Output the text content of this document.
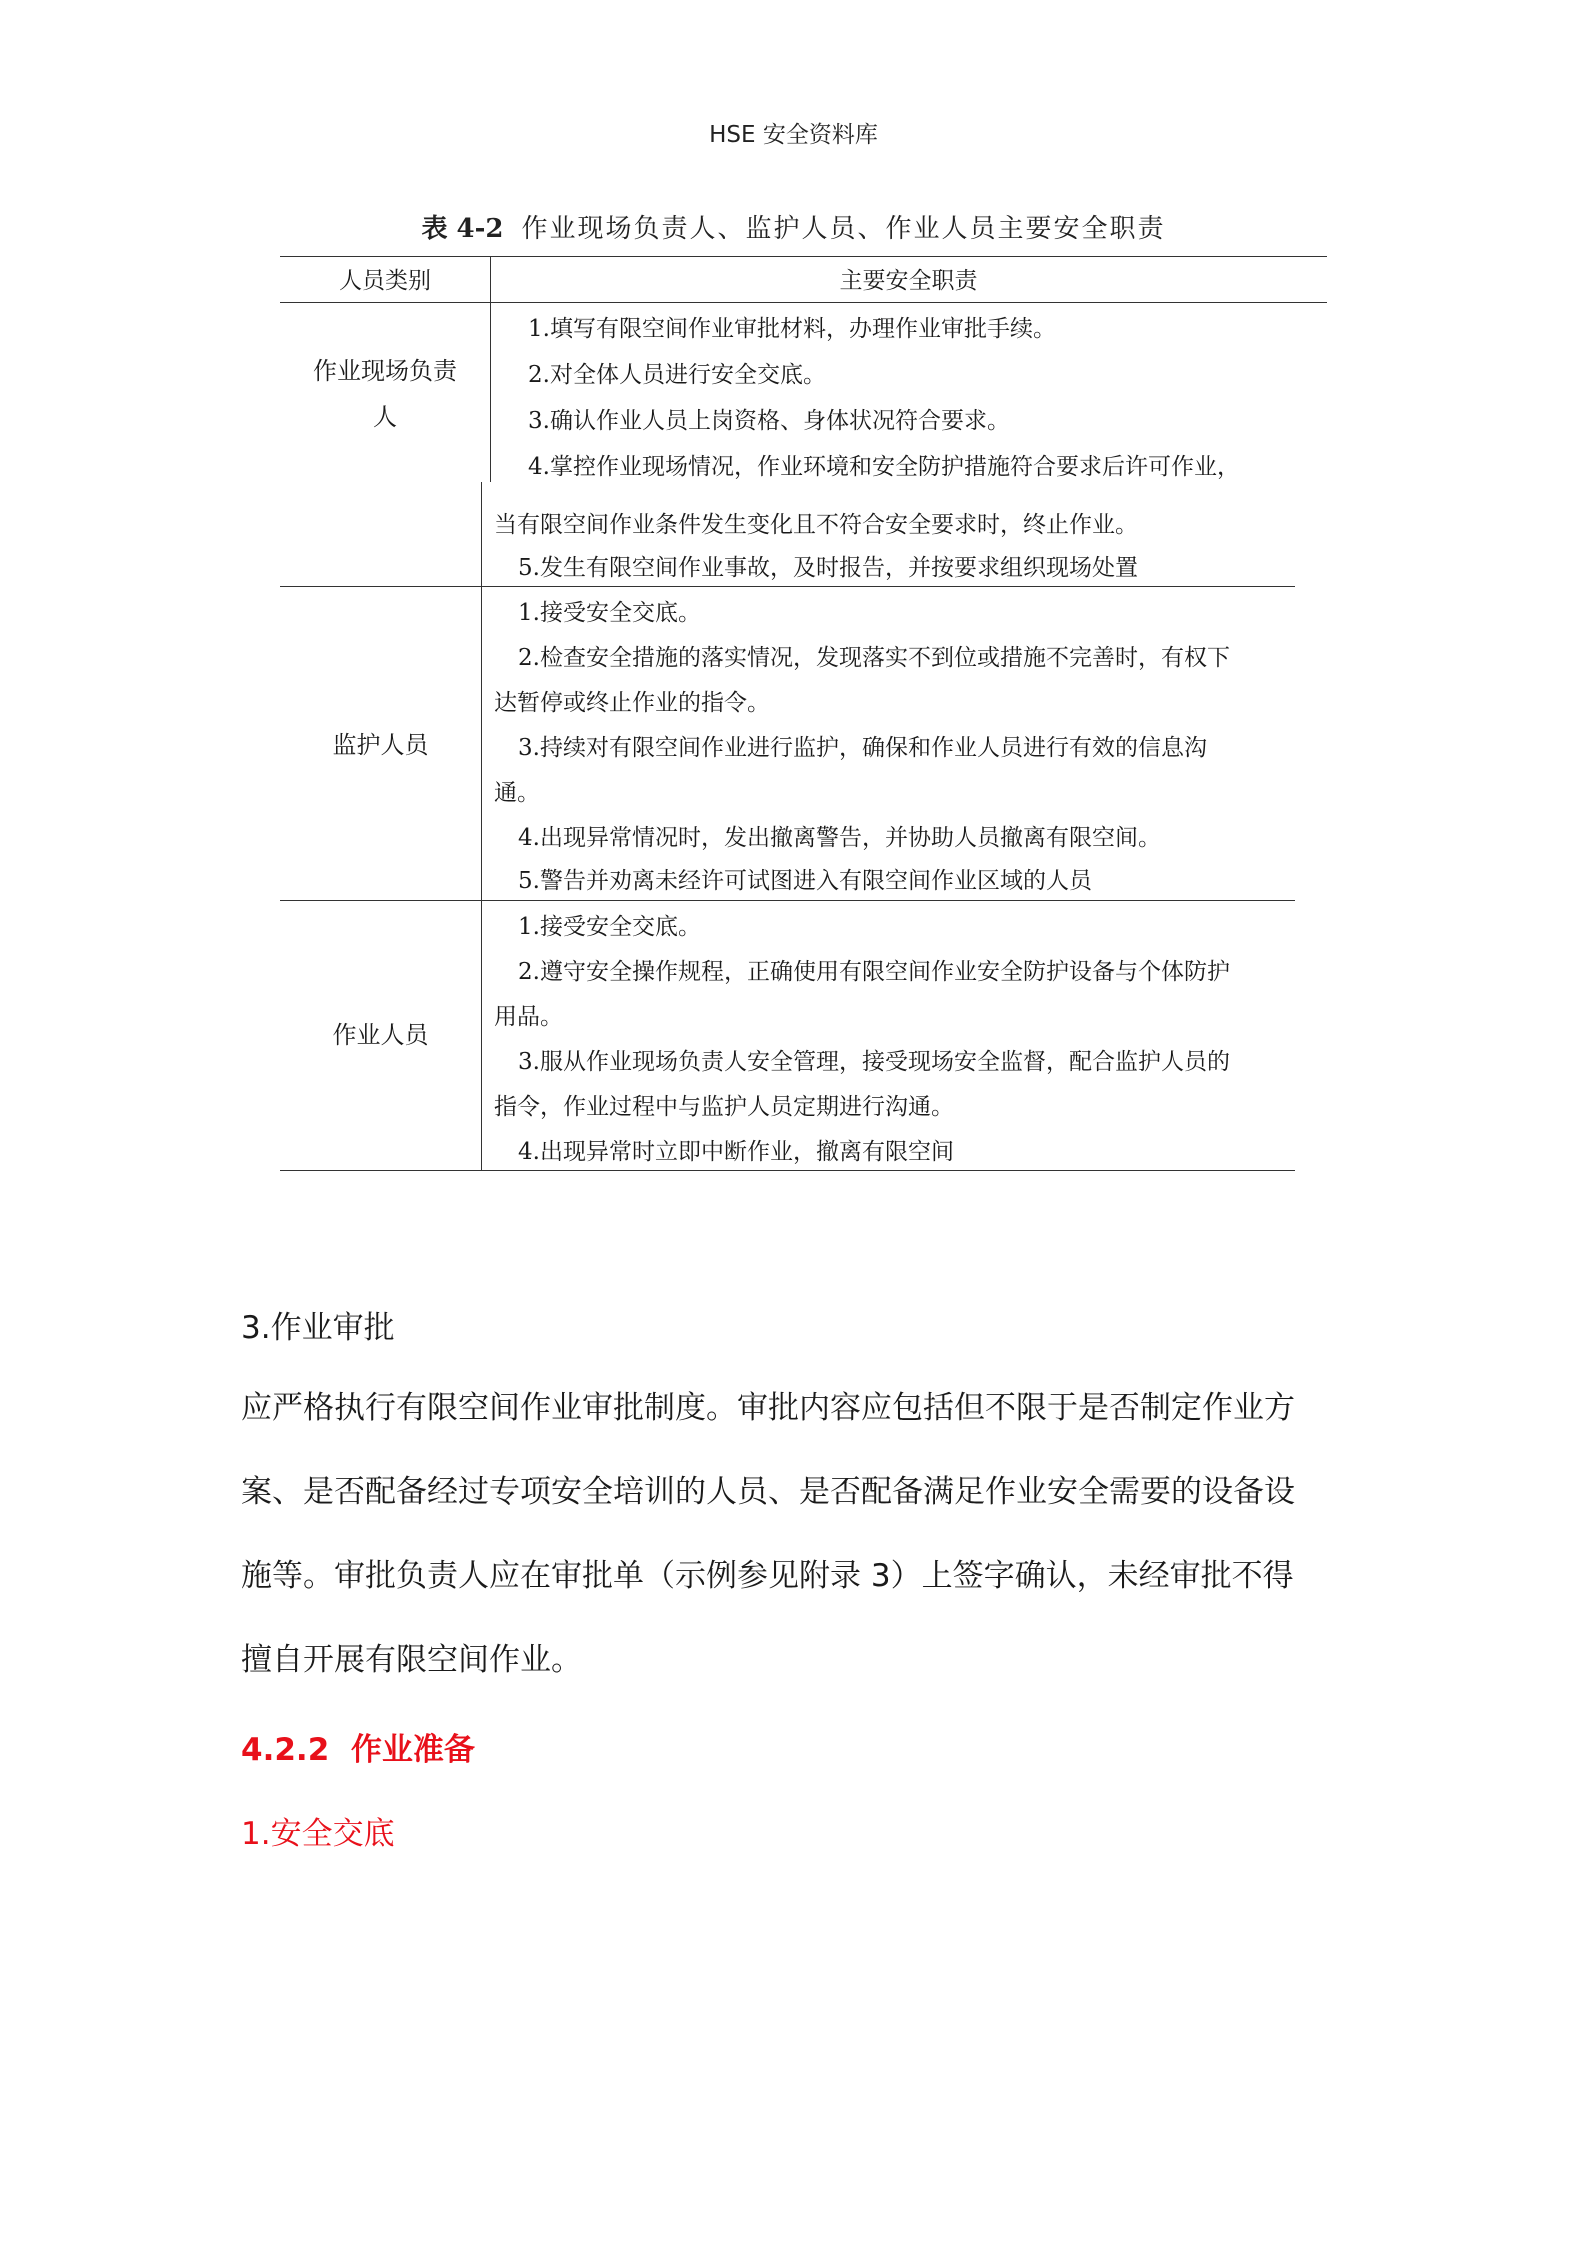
HSE 安全资料库
表 4-2 作业现场负责人、监护人员、作业人员主要安全职责
人员类别	主要安全职责
作业现场负责
人
1.填写有限空间作业审批材料，办理作业审批手续。
2.对全体人员进行安全交底。
3.确认作业人员上岗资格、身体状况符合要求。
4.掌控作业现场情况，作业环境和安全防护措施符合要求后许可作业，
当有限空间作业条件发生变化且不符合安全要求时，终止作业。
5.发生有限空间作业事故，及时报告，并按要求组织现场处置
监护人员
1.接受安全交底。
2.检查安全措施的落实情况，发现落实不到位或措施不完善时，有权下
达暂停或终止作业的指令。
3.持续对有限空间作业进行监护，确保和作业人员进行有效的信息沟
通。
4.出现异常情况时，发出撤离警告，并协助人员撤离有限空间。
5.警告并劝离未经许可试图进入有限空间作业区域的人员
作业人员
1.接受安全交底。
2.遵守安全操作规程，正确使用有限空间作业安全防护设备与个体防护
用品。
3.服从作业现场负责人安全管理，接受现场安全监督，配合监护人员的
指令，作业过程中与监护人员定期进行沟通。
4.出现异常时立即中断作业，撤离有限空间
3.作业审批
应严格执行有限空间作业审批制度。审批内容应包括但不限于是否制定作业方
案、是否配备经过专项安全培训的人员、是否配备满足作业安全需要的设备设
施等。审批负责人应在审批单（示例参见附录 3）上签字确认，未经审批不得
擅自开展有限空间作业。
4.2.2  作业准备
1.安全交底
